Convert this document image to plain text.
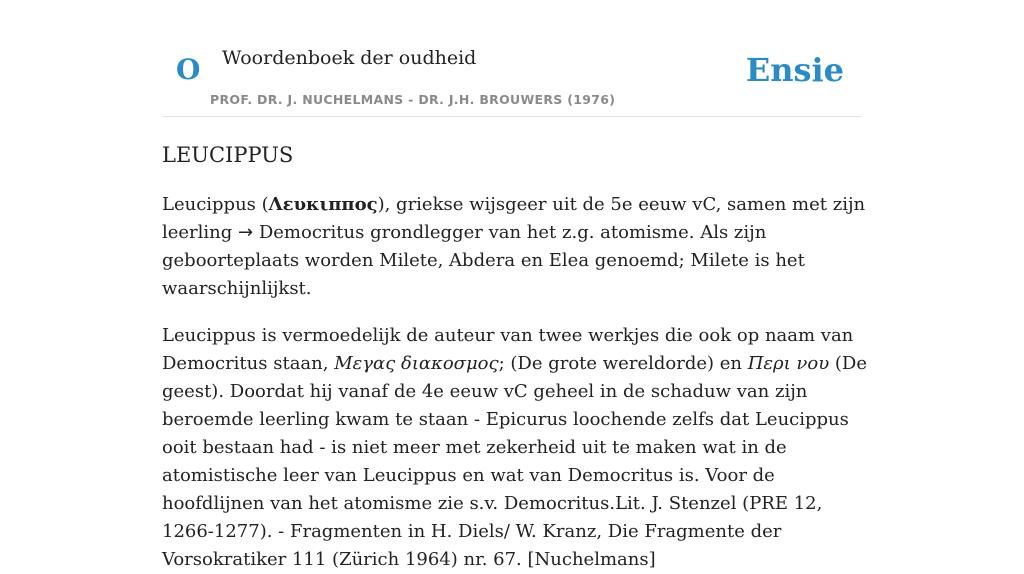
O Woordenboek der oudheid
PROF. DR. J. NUCHELMANS - DR. J.H. BROUWERS (1976)
Ensie
LEUCIPPUS

Leucippus (Λευκιππος), griekse wijsgeer uit de 5e eeuw vC, samen met zijn leerling → Democritus grondlegger van het z.g. atomisme. Als zijn geboorteplaats worden Milete, Abdera en Elea genoemd; Milete is het waarschijnlijkst.

Leucippus is vermoedelijk de auteur van twee werkjes die ook op naam van Democritus staan, Μεγας διακοσμος; (De grote wereldorde) en Περι νου (De geest). Doordat hij vanaf de 4e eeuw vC geheel in de schaduw van zijn beroemde leerling kwam te staan - Epicurus loochende zelfs dat Leucippus ooit bestaan had - is niet meer met zekerheid uit te maken wat in de atomistische leer van Leucippus en wat van Democritus is. Voor de hoofdlijnen van het atomisme zie s.v. Democritus.Lit. J. Stenzel (PRE 12, 1266-1277). - Fragmenten in H. Diels/ W. Kranz, Die Fragmente der Vorsokratiker 111 (Zürich 1964) nr. 67. [Nuchelmans]
